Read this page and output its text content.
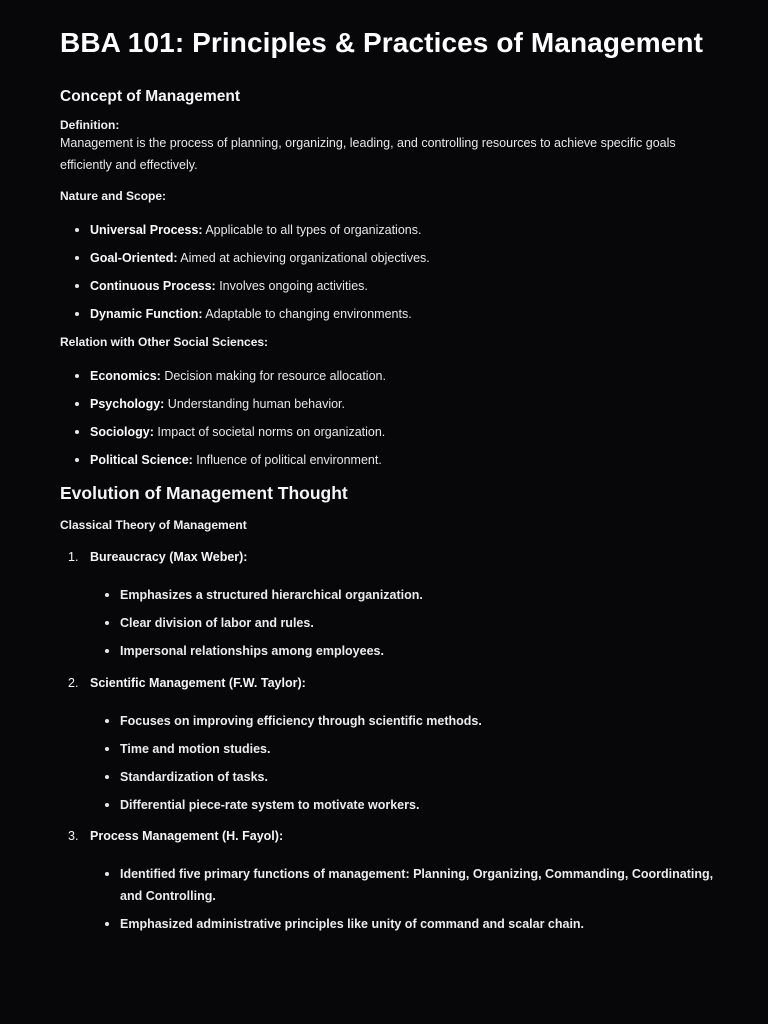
BBA 101: Principles & Practices of Management
Concept of Management

Definition:

Management is the process of planning, organizing, leading, and controlling resources to achieve specific goals efficiently and effectively.

Nature and Scope:

Universal Process: Applicable to all types of organizations.
Goal-Oriented: Aimed at achieving organizational objectives.
Continuous Process: Involves ongoing activities.
Dynamic Function: Adaptable to changing environments.

Relation with Other Social Sciences:

Economics: Decision making for resource allocation.
Psychology: Understanding human behavior.
Sociology: Impact of societal norms on organization.
Political Science: Influence of political environment.
Evolution of Management Thought

Classical Theory of Management

1. Bureaucracy (Max Weber):
Emphasizes a structured hierarchical organization.
Clear division of labor and rules.
Impersonal relationships among employees.
2. Scientific Management (F.W. Taylor):
Focuses on improving efficiency through scientific methods.
Time and motion studies.
Standardization of tasks.
Differential piece-rate system to motivate workers.
3. Process Management (H. Fayol):
Identified five primary functions of management: Planning, Organizing, Commanding, Coordinating, and Controlling.
Emphasized administrative principles like unity of command and scalar chain.
